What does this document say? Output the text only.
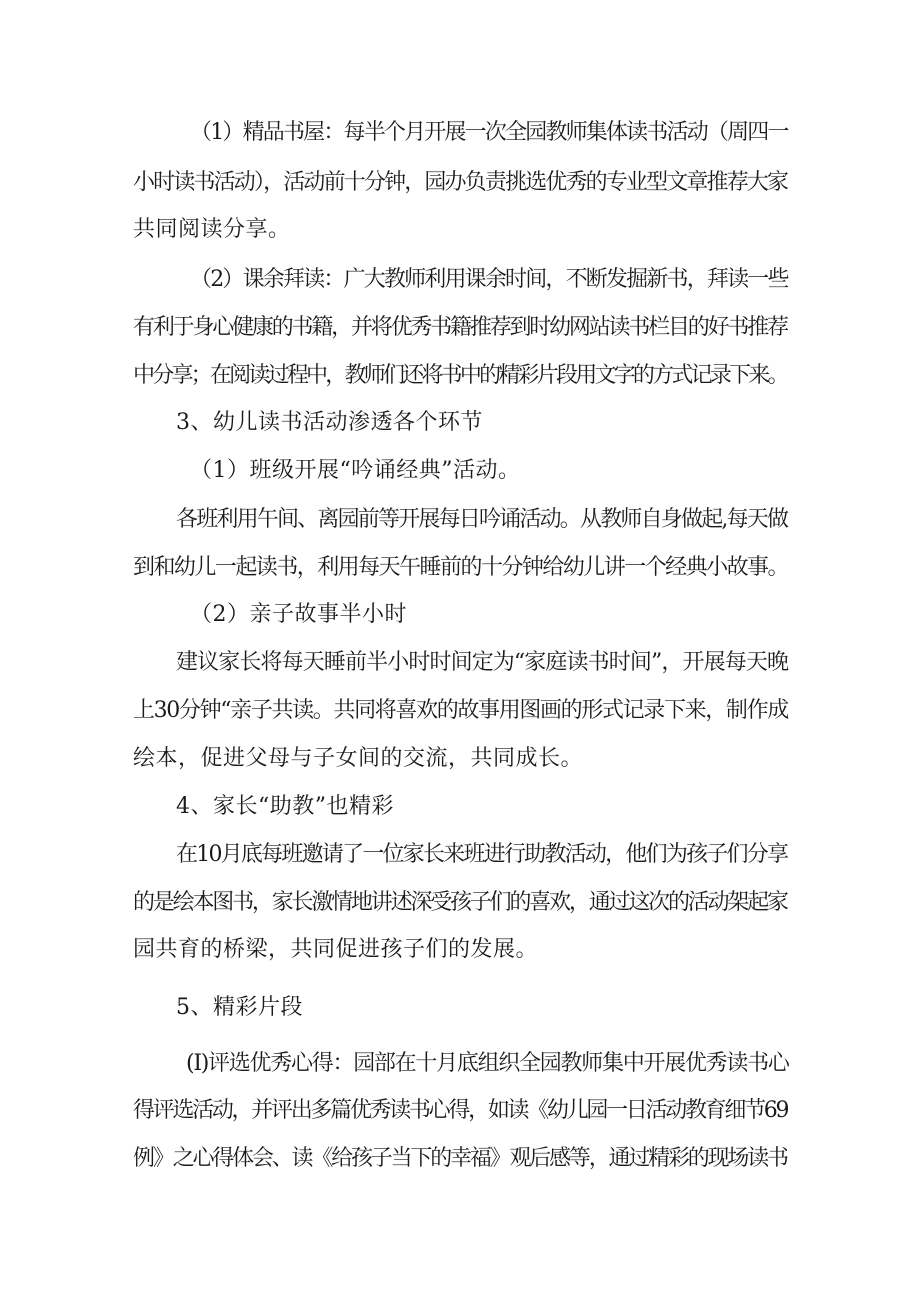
（1）精品书屋：每半个月开展一次全园教师集体读书活动（周四一
小时读书活动），活动前十分钟，园办负责挑选优秀的专业型文章推荐大家
共同阅读分享。
（2）课余拜读：广大教师利用课余时间，不断发掘新书，拜读一些
有利于身心健康的书籍，并将优秀书籍推荐到时幼网站读书栏目的好书推荐
中分享；在阅读过程中，教师们还将书中的精彩片段用文字的方式记录下来。
3、幼儿读书活动渗透各个环节
（1）班级开展“吟诵经典”活动。
各班利用午间、离园前等开展每日吟诵活动。从教师自身做起,每天做
到和幼儿一起读书，利用每天午睡前的十分钟给幼儿讲一个经典小故事。
（2）亲子故事半小时
建议家长将每天睡前半小时时间定为“家庭读书时间”，开展每天晚
上30分钟“亲子共读。共同将喜欢的故事用图画的形式记录下来，制作成
绘本，促进父母与子女间的交流，共同成长。
4、家长“助教”也精彩
在10月底每班邀请了一位家长来班进行助教活动，他们为孩子们分享
的是绘本图书，家长激情地讲述深受孩子们的喜欢，通过这次的活动架起家
园共育的桥梁，共同促进孩子们的发展。
5、精彩片段
(I)评选优秀心得：园部在十月底组织全园教师集中开展优秀读书心
得评选活动，并评出多篇优秀读书心得，如读《幼儿园一日活动教育细节69
例》之心得体会、读《给孩子当下的幸福》观后感等，通过精彩的现场读书
